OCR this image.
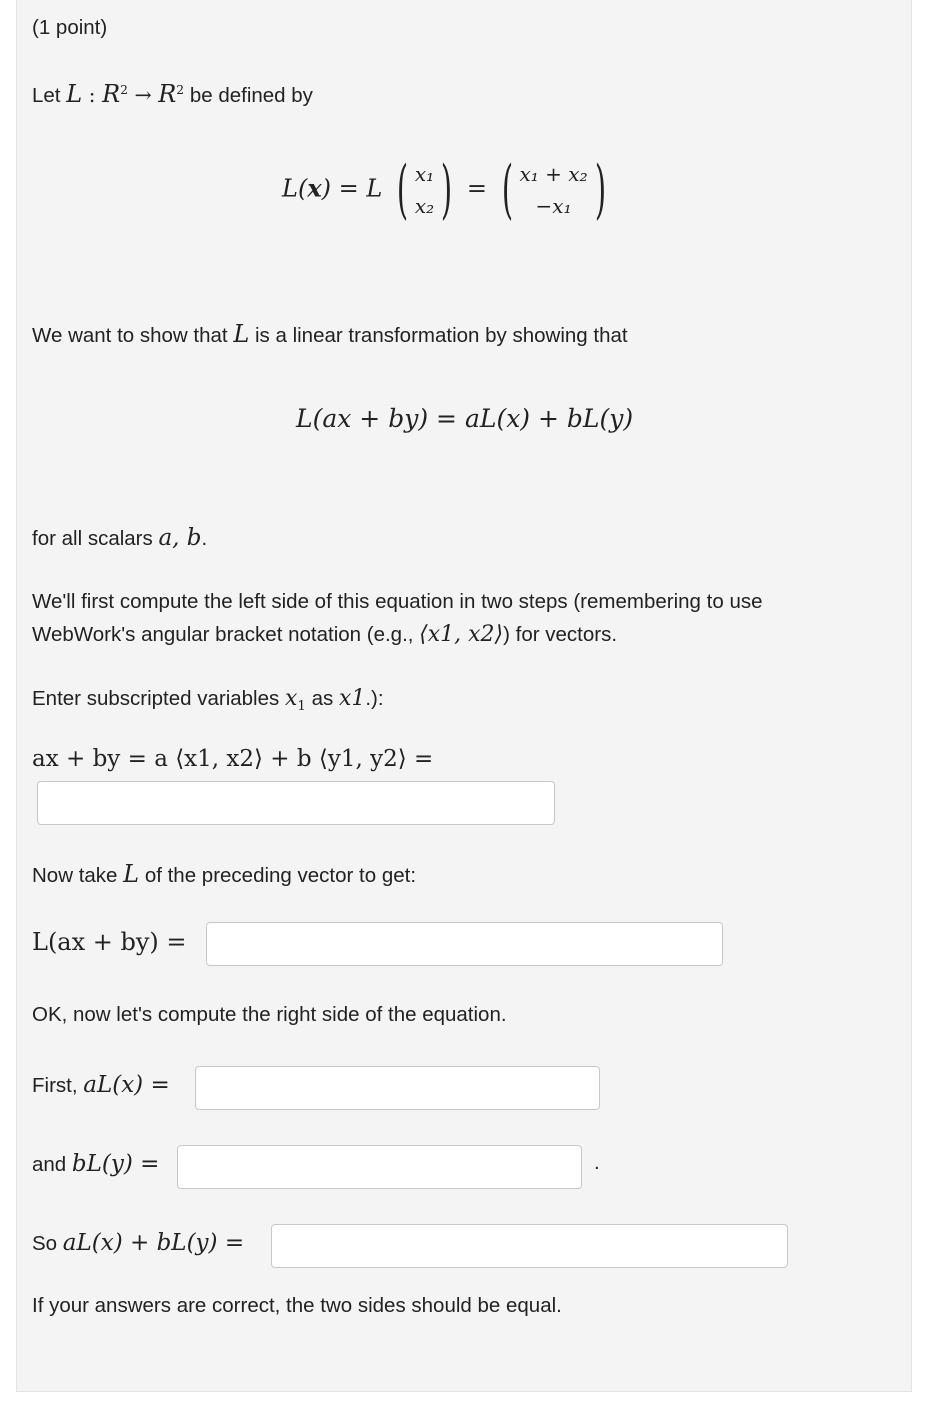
(1 point)
Let L : $R^2 \to R^2$ be defined by
L(x) = L ( x₁
x₂ ) = ( x₁ + x₂
−x₁ )
We want to show that L is a linear transformation by showing that
L(ax + by) = aL(x) + bL(y)
for all scalars a, b.
We'll first compute the left side of this equation in two steps (remembering to use
WebWork's angular bracket notation (e.g., ⟨x1, x2⟩) for vectors.
Enter subscripted variables $x_1$ as x1.):
ax + by = a ⟨x1, x2⟩ + b ⟨y1, y2⟩ =
Now take L of the preceding vector to get:
L(ax + by) =
OK, now let's compute the right side of the equation.
First, aL(x) =
and bL(y) =	.
So aL(x) + bL(y) =
If your answers are correct, the two sides should be equal.
